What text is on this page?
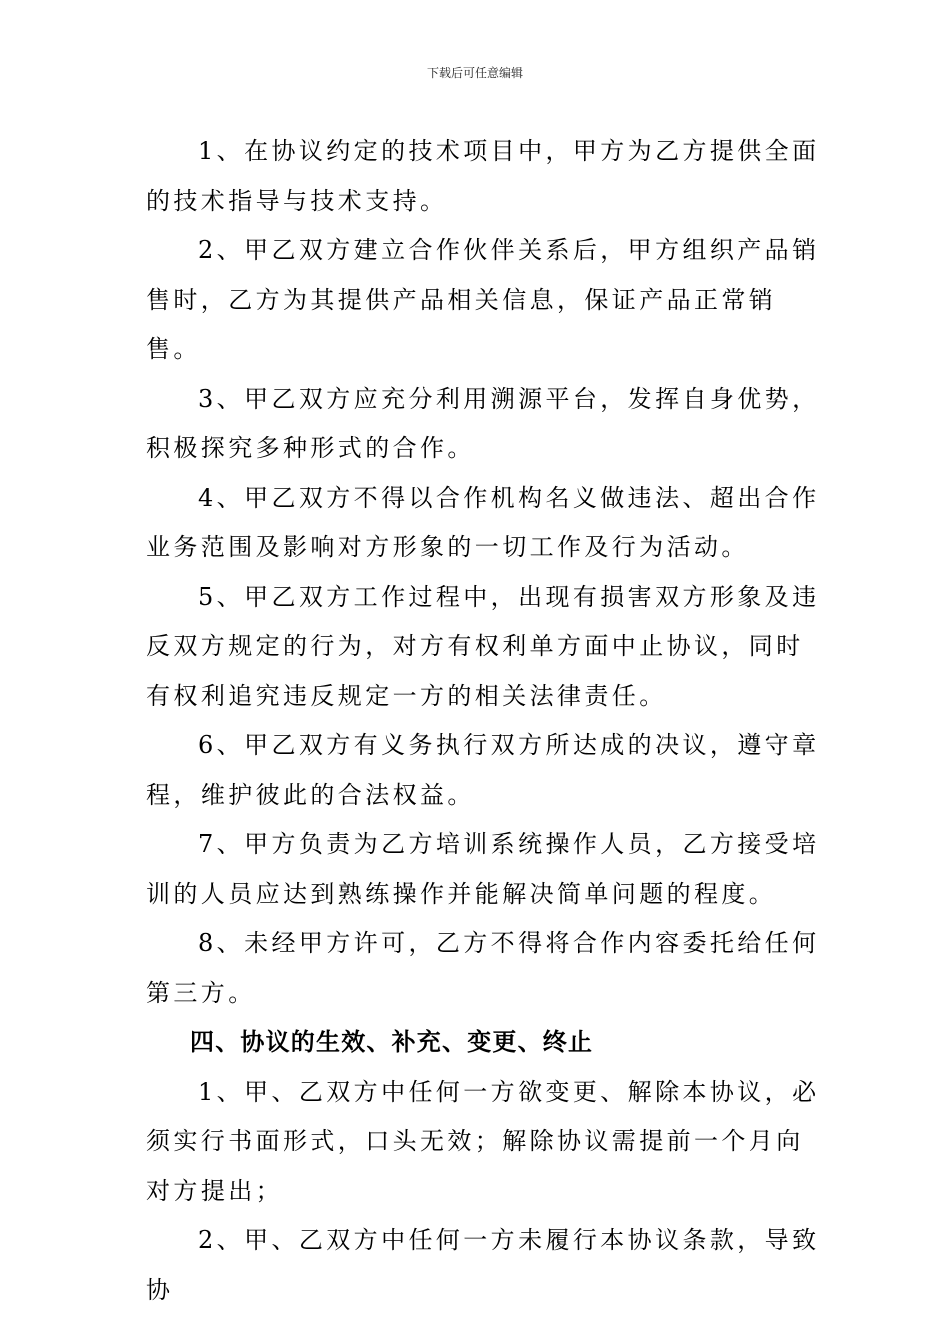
下载后可任意编辑

1、在协议约定的技术项目中，甲方为乙方提供全面的技术指导与技术支持。

2、甲乙双方建立合作伙伴关系后，甲方组织产品销售时，乙方为其提供产品相关信息，保证产品正常销售。

3、甲乙双方应充分利用溯源平台，发挥自身优势，积极探究多种形式的合作。

4、甲乙双方不得以合作机构名义做违法、超出合作业务范围及影响对方形象的一切工作及行为活动。

5、甲乙双方工作过程中，出现有损害双方形象及违反双方规定的行为，对方有权利单方面中止协议，同时有权利追究违反规定一方的相关法律责任。

6、甲乙双方有义务执行双方所达成的决议，遵守章程，维护彼此的合法权益。

7、甲方负责为乙方培训系统操作人员，乙方接受培训的人员应达到熟练操作并能解决简单问题的程度。

8、未经甲方许可，乙方不得将合作内容委托给任何第三方。

四、协议的生效、补充、变更、终止

1、甲、乙双方中任何一方欲变更、解除本协议，必须实行书面形式，口头无效；解除协议需提前一个月向对方提出；

2、甲、乙双方中任何一方未履行本协议条款，导致协
